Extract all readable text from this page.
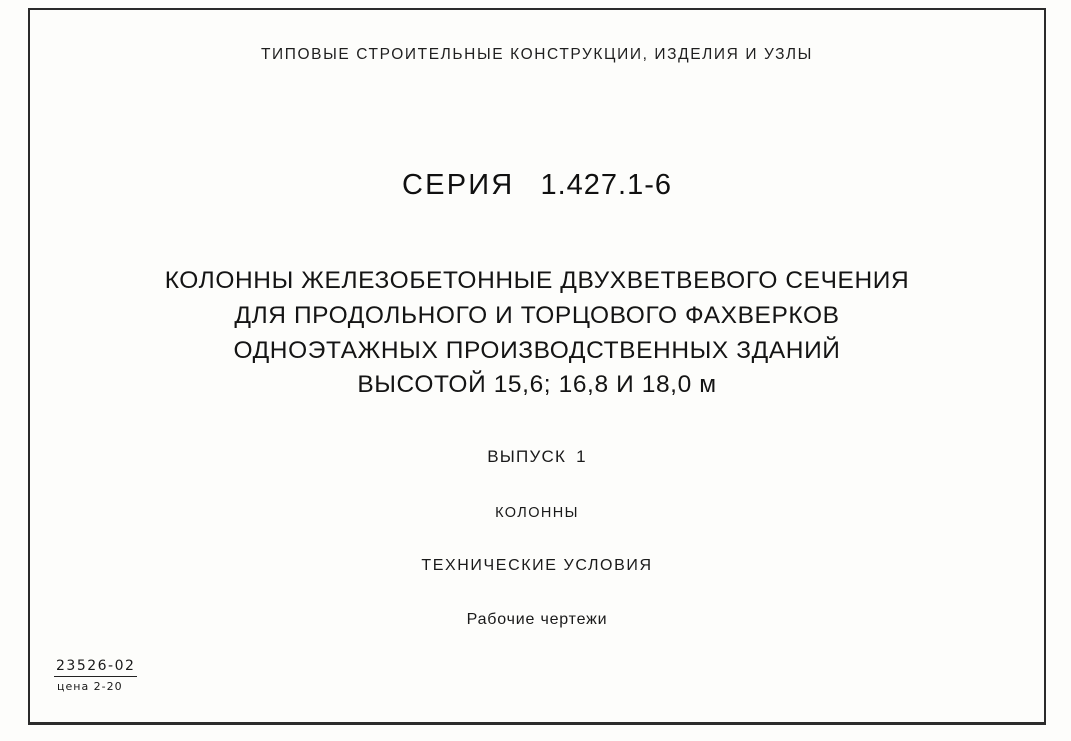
ТИПОВЫЕ СТРОИТЕЛЬНЫЕ КОНСТРУКЦИИ, ИЗДЕЛИЯ И УЗЛЫ
СЕРИЯ 1.427.1-6
КОЛОННЫ ЖЕЛЕЗОБЕТОННЫЕ ДВУХВЕТВЕВОГО СЕЧЕНИЯ
ДЛЯ ПРОДОЛЬНОГО И ТОРЦОВОГО ФАХВЕРКОВ
ОДНОЭТАЖНЫХ ПРОИЗВОДСТВЕННЫХ ЗДАНИЙ
ВЫСОТОЙ 15,6; 16,8 И 18,0 м
ВЫПУСК 1
КОЛОННЫ
ТЕХНИЧЕСКИЕ УСЛОВИЯ
Рабочие чертежи
23526-02
цена 2-20
